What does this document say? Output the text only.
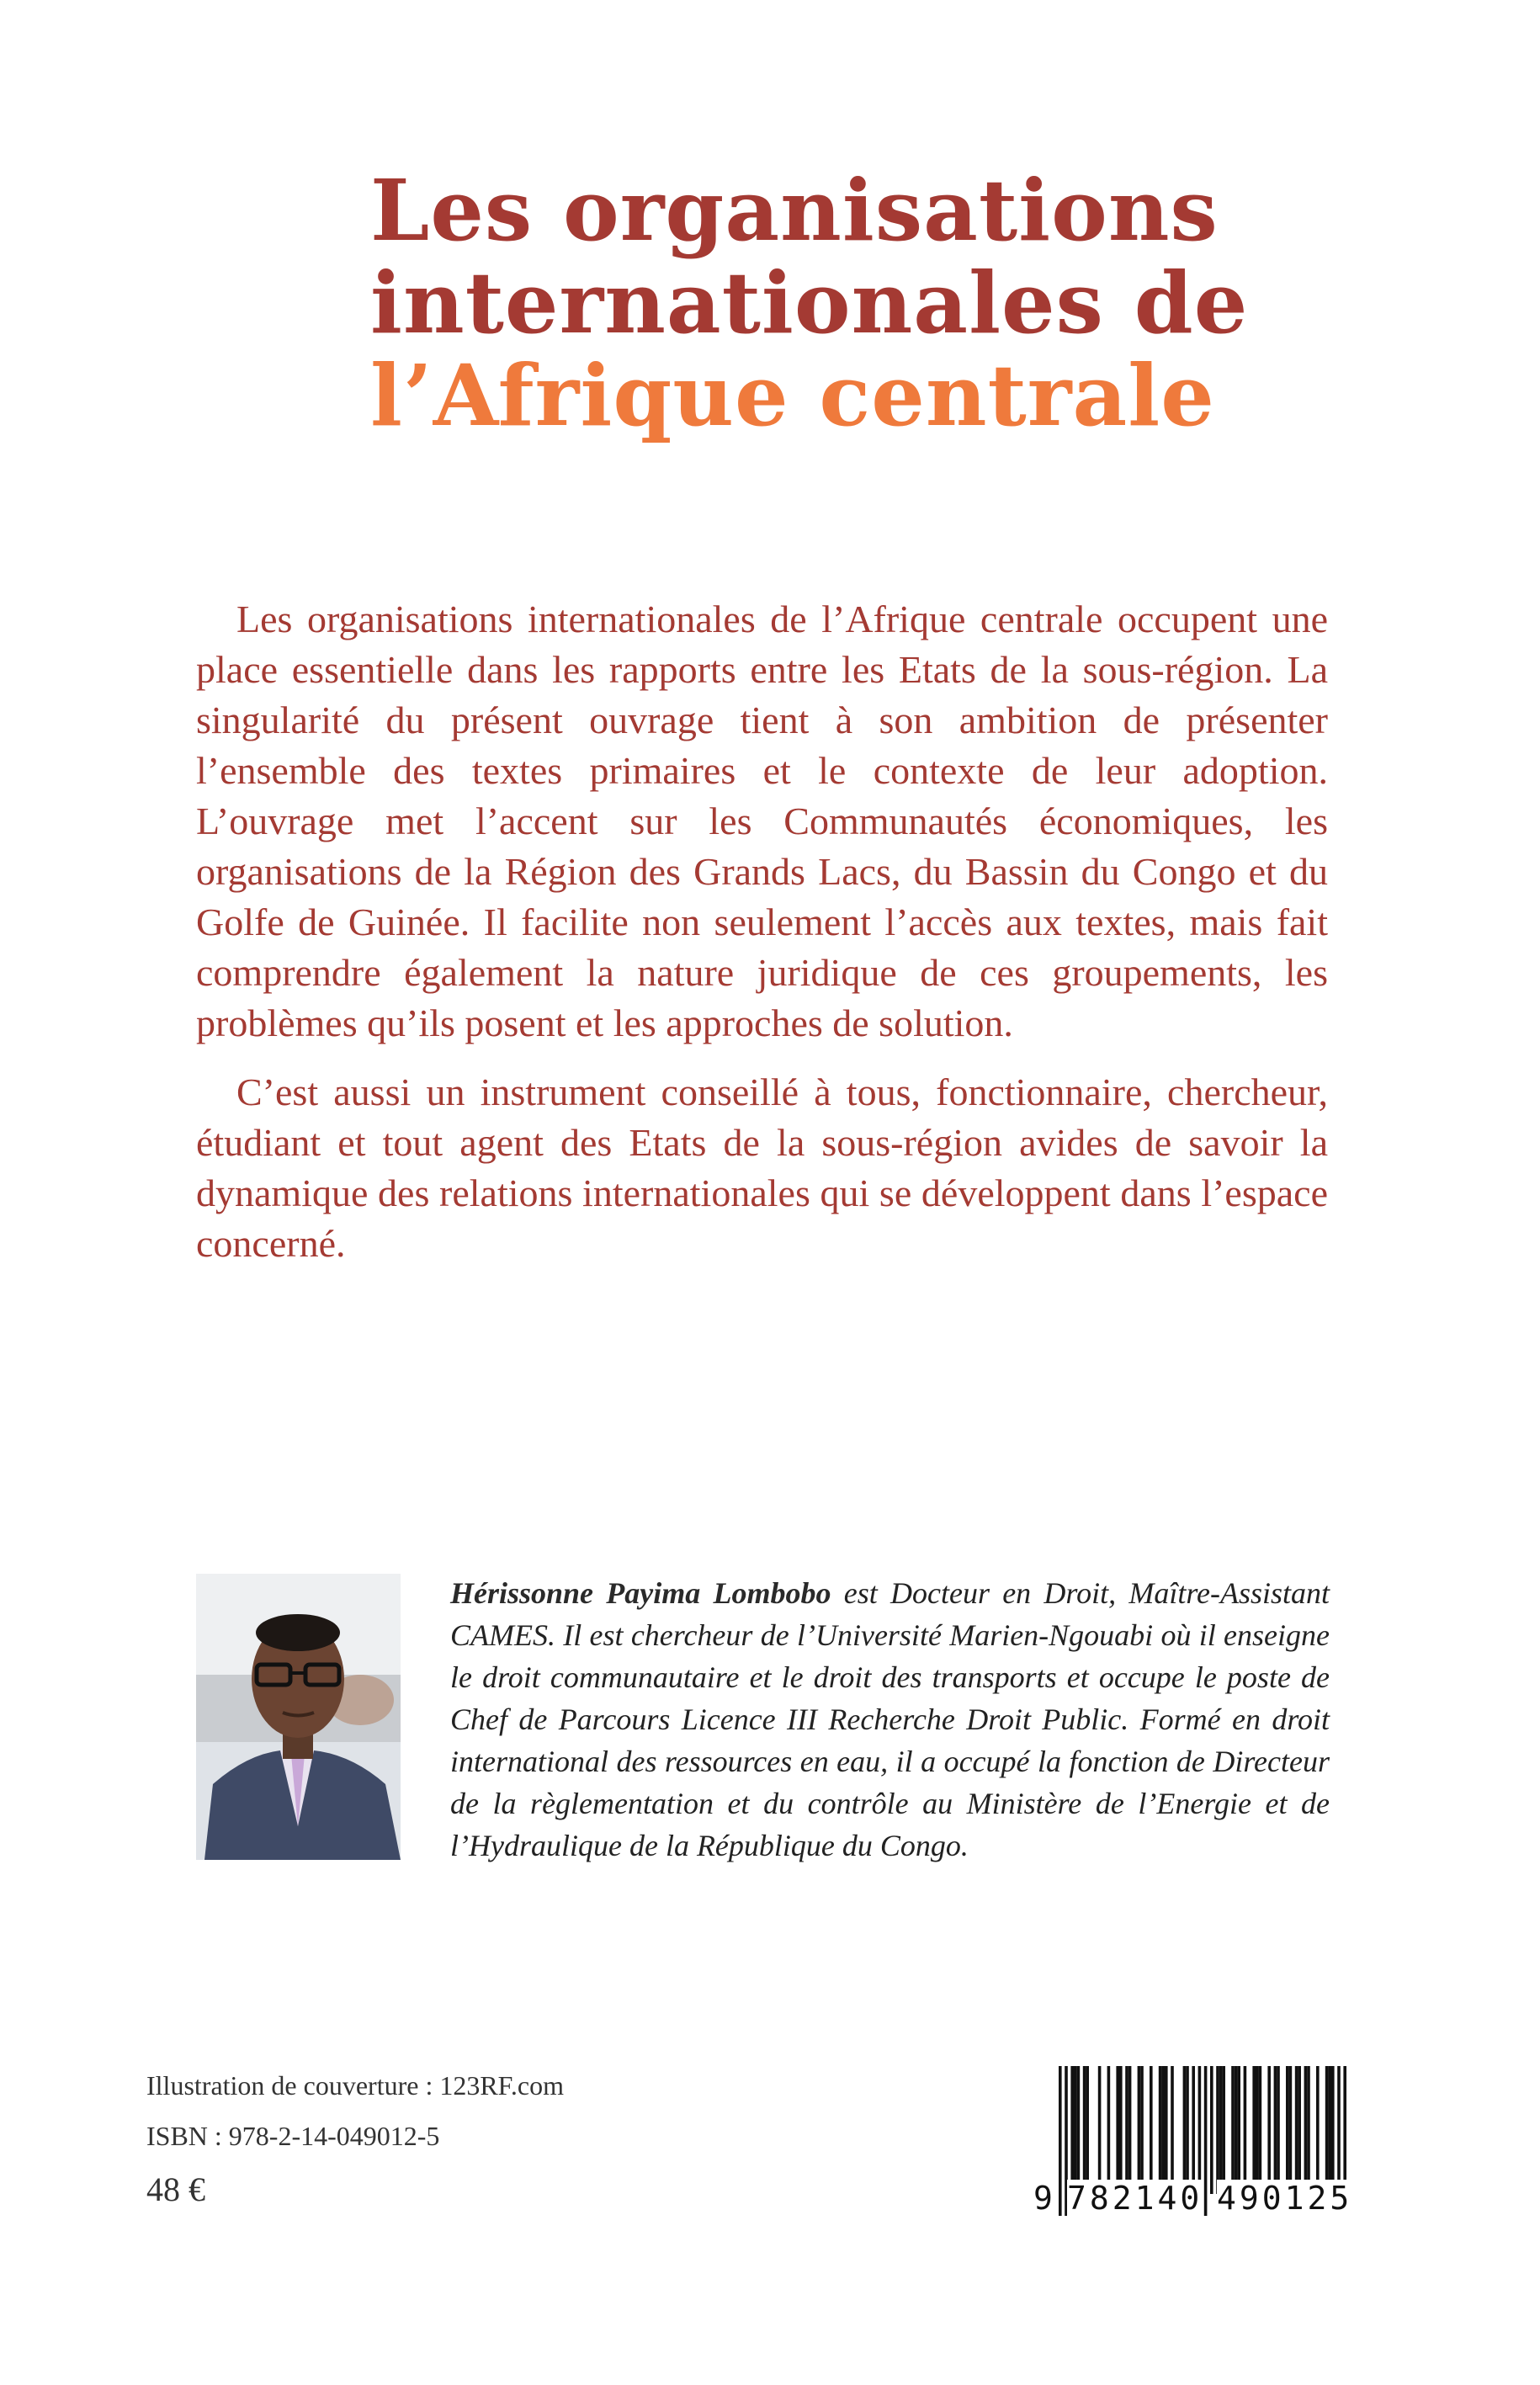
Les organisations
internationales de
l’Afrique centrale

Les organisations internationales de l’Afrique centrale occupent une place essentielle dans les rapports entre les Etats de la sous-région. La singularité du présent ouvrage tient à son ambition de présenter l’ensemble des textes primaires et le contexte de leur adoption. L’ouvrage met l’accent sur les Communautés économiques, les organisations de la Région des Grands Lacs, du Bassin du Congo et du Golfe de Guinée. Il facilite non seulement l’accès aux textes, mais fait comprendre également la nature juridique de ces groupements, les problèmes qu’ils posent et les approches de solution.

C’est aussi un instrument conseillé à tous, fonctionnaire, chercheur, étudiant et tout agent des Etats de la sous-région avides de savoir la dynamique des relations internationales qui se développent dans l’espace concerné.

Hérissonne Payima Lombobo est Docteur en Droit, Maître-Assistant CAMES. Il est chercheur de l’Université Marien-Ngouabi où il enseigne le droit communautaire et le droit des transports et occupe le poste de Chef de Parcours Licence III Recherche Droit Public. Formé en droit international des ressources en eau, il a occupé la fonction de Directeur de la règlementation et du contrôle au Ministère de l’Energie et de l’Hydraulique de la République du Congo.

Illustration de couverture : 123RF.com
ISBN : 978-2-14-049012-5
48 €	9 782140 490125
